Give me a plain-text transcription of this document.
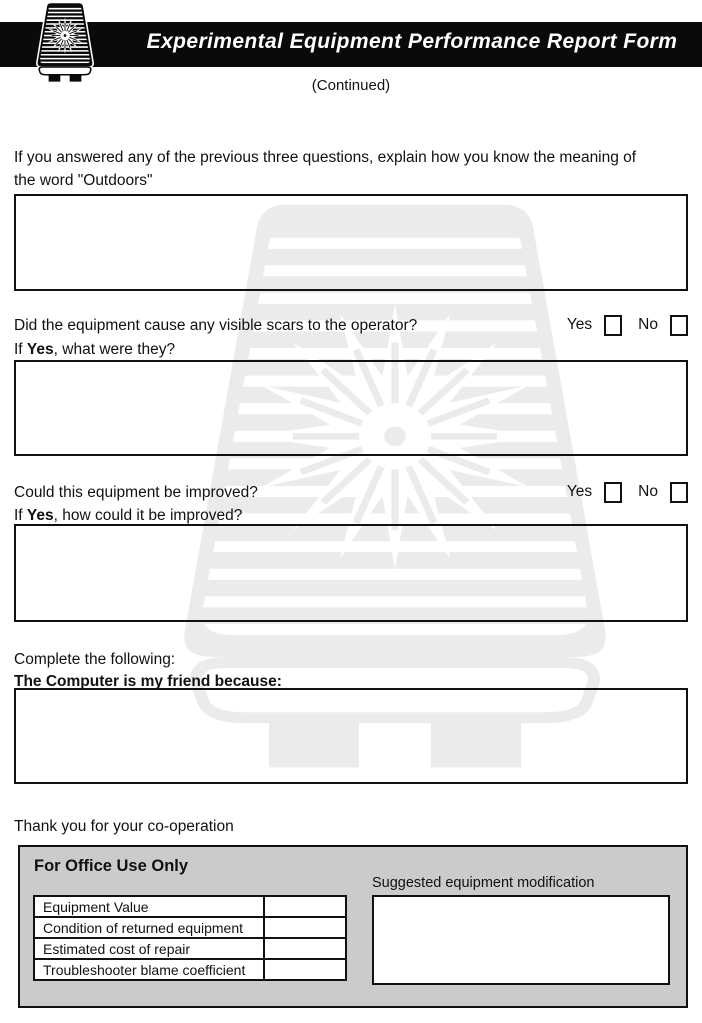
Experimental Equipment Performance Report Form
(Continued)
If you answered any of the previous three questions, explain how you know the meaning of
the word "Outdoors"
Did the equipment cause any visible scars to the operator?	Yes	No
If Yes, what were they?
Could this equipment be improved?	Yes	No
If Yes, how could it be improved?
Complete the following:
The Computer is my friend because:
Thank you for your co-operation
For Office Use Only
Equipment Value	
Condition of returned equipment	
Estimated cost of repair	
Troubleshooter blame coefficient	
Suggested equipment modification
